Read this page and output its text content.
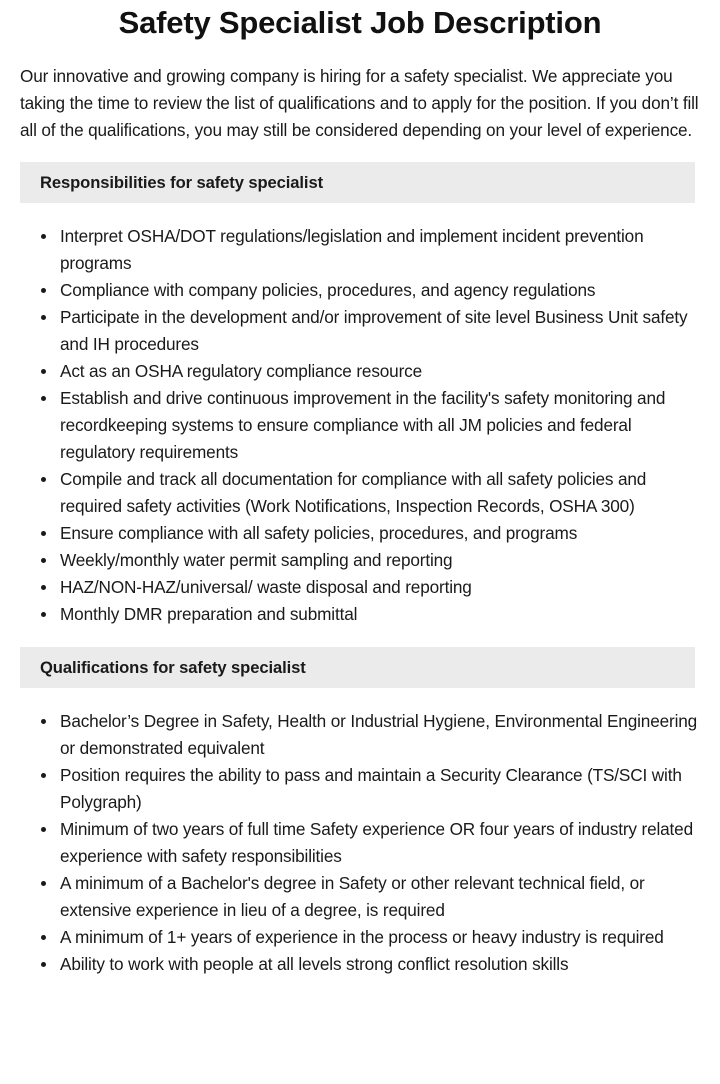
Safety Specialist Job Description

Our innovative and growing company is hiring for a safety specialist. We appreciate you taking the time to review the list of qualifications and to apply for the position. If you don’t fill all of the qualifications, you may still be considered depending on your level of experience.

Responsibilities for safety specialist
Interpret OSHA/DOT regulations/legislation and implement incident prevention programs
Compliance with company policies, procedures, and agency regulations
Participate in the development and/or improvement of site level Business Unit safety and IH procedures
Act as an OSHA regulatory compliance resource
Establish and drive continuous improvement in the facility's safety monitoring and recordkeeping systems to ensure compliance with all JM policies and federal regulatory requirements
Compile and track all documentation for compliance with all safety policies and required safety activities (Work Notifications, Inspection Records, OSHA 300)
Ensure compliance with all safety policies, procedures, and programs
Weekly/monthly water permit sampling and reporting
HAZ/NON-HAZ/universal/ waste disposal and reporting
Monthly DMR preparation and submittal
Qualifications for safety specialist
Bachelor’s Degree in Safety, Health or Industrial Hygiene, Environmental Engineering or demonstrated equivalent
Position requires the ability to pass and maintain a Security Clearance (TS/SCI with Polygraph)
Minimum of two years of full time Safety experience OR four years of industry related experience with safety responsibilities
A minimum of a Bachelor's degree in Safety or other relevant technical field, or extensive experience in lieu of a degree, is required
A minimum of 1+ years of experience in the process or heavy industry is required
Ability to work with people at all levels strong conflict resolution skills
